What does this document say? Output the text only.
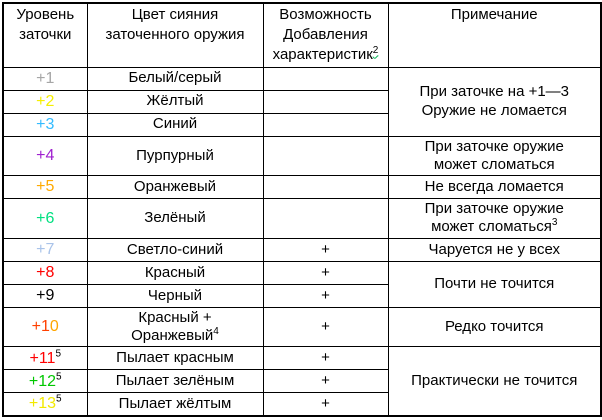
Уровень заточки	Цвет сияния заточенного оружия	Возможность Добавления характеристик$^2$	Примечание
+1	Белый/серый		При заточке на +1—3
Оружие не ломается
+2	Жёлтый		
+3	Синий		
+4	Пурпурный		При заточке оружие
может сломаться
+5	Оранжевый		Не всегда ломается
+6	Зелёный		При заточке оружие
может сломаться$^3$
+7	Светло-синий	+	Чаруется не у всех
+8	Красный	+	Почти не точится
+9	Черный	+	
+10	Красный +
Оранжевый$^4$	+	Редко точится
$+11^5$	Пылает красным	+	Практически не точится
$+12^5$	Пылает зелёным	+	
$+13^5$	Пылает жёлтым	+	
